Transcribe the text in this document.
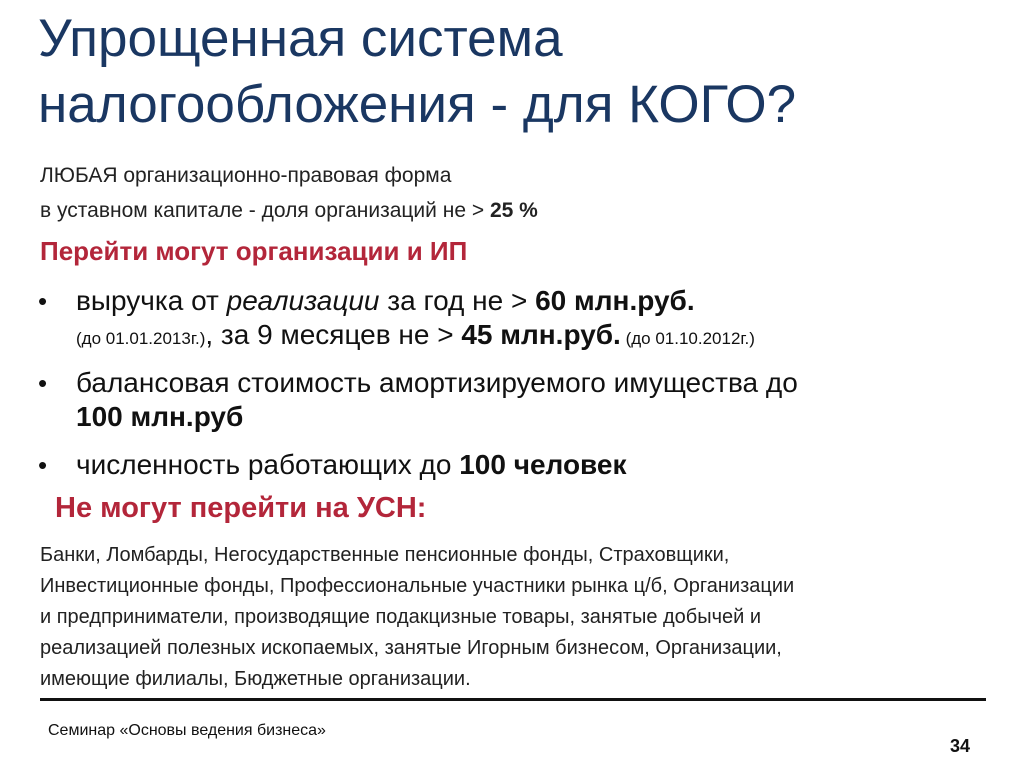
Упрощенная система
налогообложения - для КОГО?
ЛЮБАЯ организационно-правовая форма
в уставном капитале - доля организаций не > 25 %
Перейти могут организации и ИП
• выручка от реализации за год не > 60 млн.руб.
(до 01.01.2013г.), за 9 месяцев не > 45 млн.руб. (до 01.10.2012г.)
• балансовая стоимость амортизируемого имущества до
100 млн.руб
• численность работающих до 100 человек
Не могут перейти на УСН:
Банки, Ломбарды, Негосударственные пенсионные фонды, Страховщики,
Инвестиционные фонды, Профессиональные участники рынка ц/б, Организации
и предприниматели, производящие подакцизные товары, занятые добычей и
реализацией полезных ископаемых, занятые Игорным бизнесом, Организации,
имеющие филиалы, Бюджетные организации.
Семинар «Основы ведения бизнеса»
34
